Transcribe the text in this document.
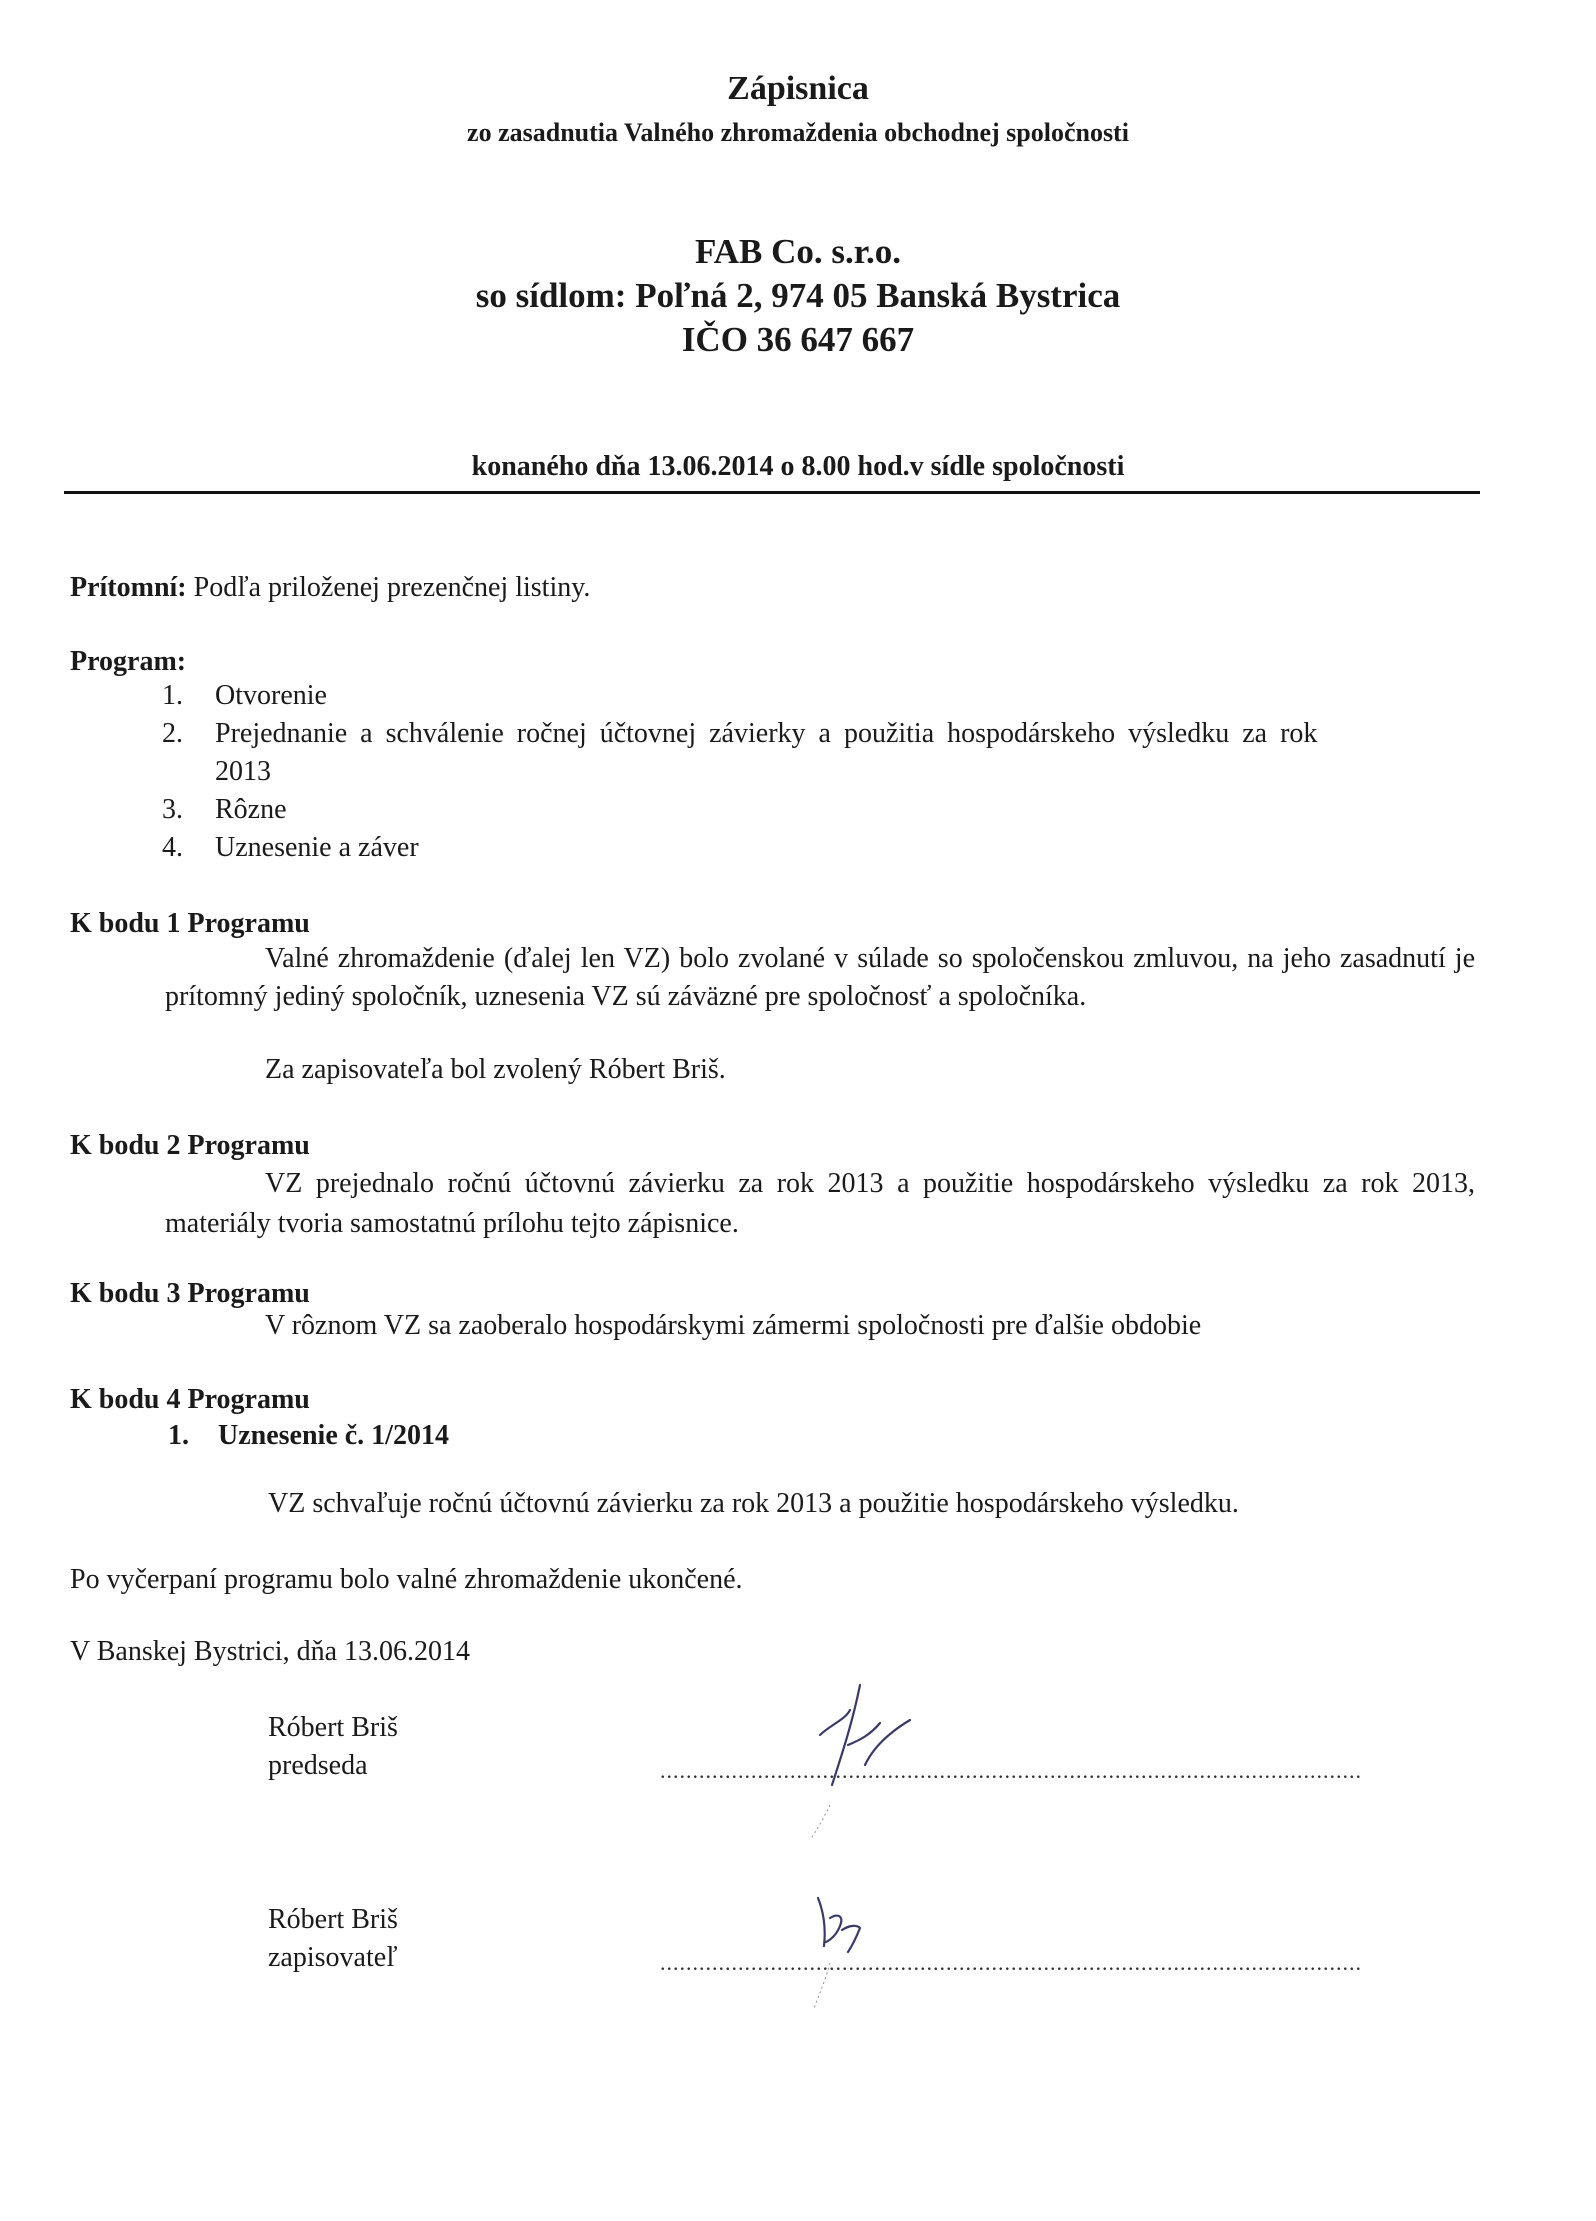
Zápisnica
zo zasadnutia Valného zhromaždenia obchodnej spoločnosti
FAB Co. s.r.o.
so sídlom: Poľná 2, 974 05 Banská Bystrica
IČO 36 647 667
konaného dňa 13.06.2014 o 8.00 hod.v sídle spoločnosti
Prítomní: Podľa priloženej prezenčnej listiny.
Program:
1. Otvorenie
2. Prejednanie a schválenie ročnej účtovnej závierky a použitia hospodárskeho výsledku za rok
2013
3. Rôzne
4. Uznesenie a záver
K bodu 1 Programu
Valné zhromaždenie (ďalej len VZ) bolo zvolané v súlade so spoločenskou zmluvou, na jeho zasadnutí je prítomný jediný spoločník, uznesenia VZ sú záväzné pre spoločnosť a spoločníka.
Za zapisovateľa bol zvolený Róbert Briš.
K bodu 2 Programu
VZ prejednalo ročnú účtovnú závierku za rok 2013 a použitie hospodárskeho výsledku za rok 2013, materiály tvoria samostatnú prílohu tejto zápisnice.
K bodu 3 Programu
V rôznom VZ sa zaoberalo hospodárskymi zámermi spoločnosti pre ďalšie obdobie
K bodu 4 Programu
1. Uznesenie č. 1/2014
VZ schvaľuje ročnú účtovnú závierku za rok 2013 a použitie hospodárskeho výsledku.
Po vyčerpaní programu bolo valné zhromaždenie ukončené.
V Banskej Bystrici, dňa 13.06.2014
Róbert Briš
predseda	............................................................................................................
Róbert Briš
zapisovateľ	............................................................................................................
